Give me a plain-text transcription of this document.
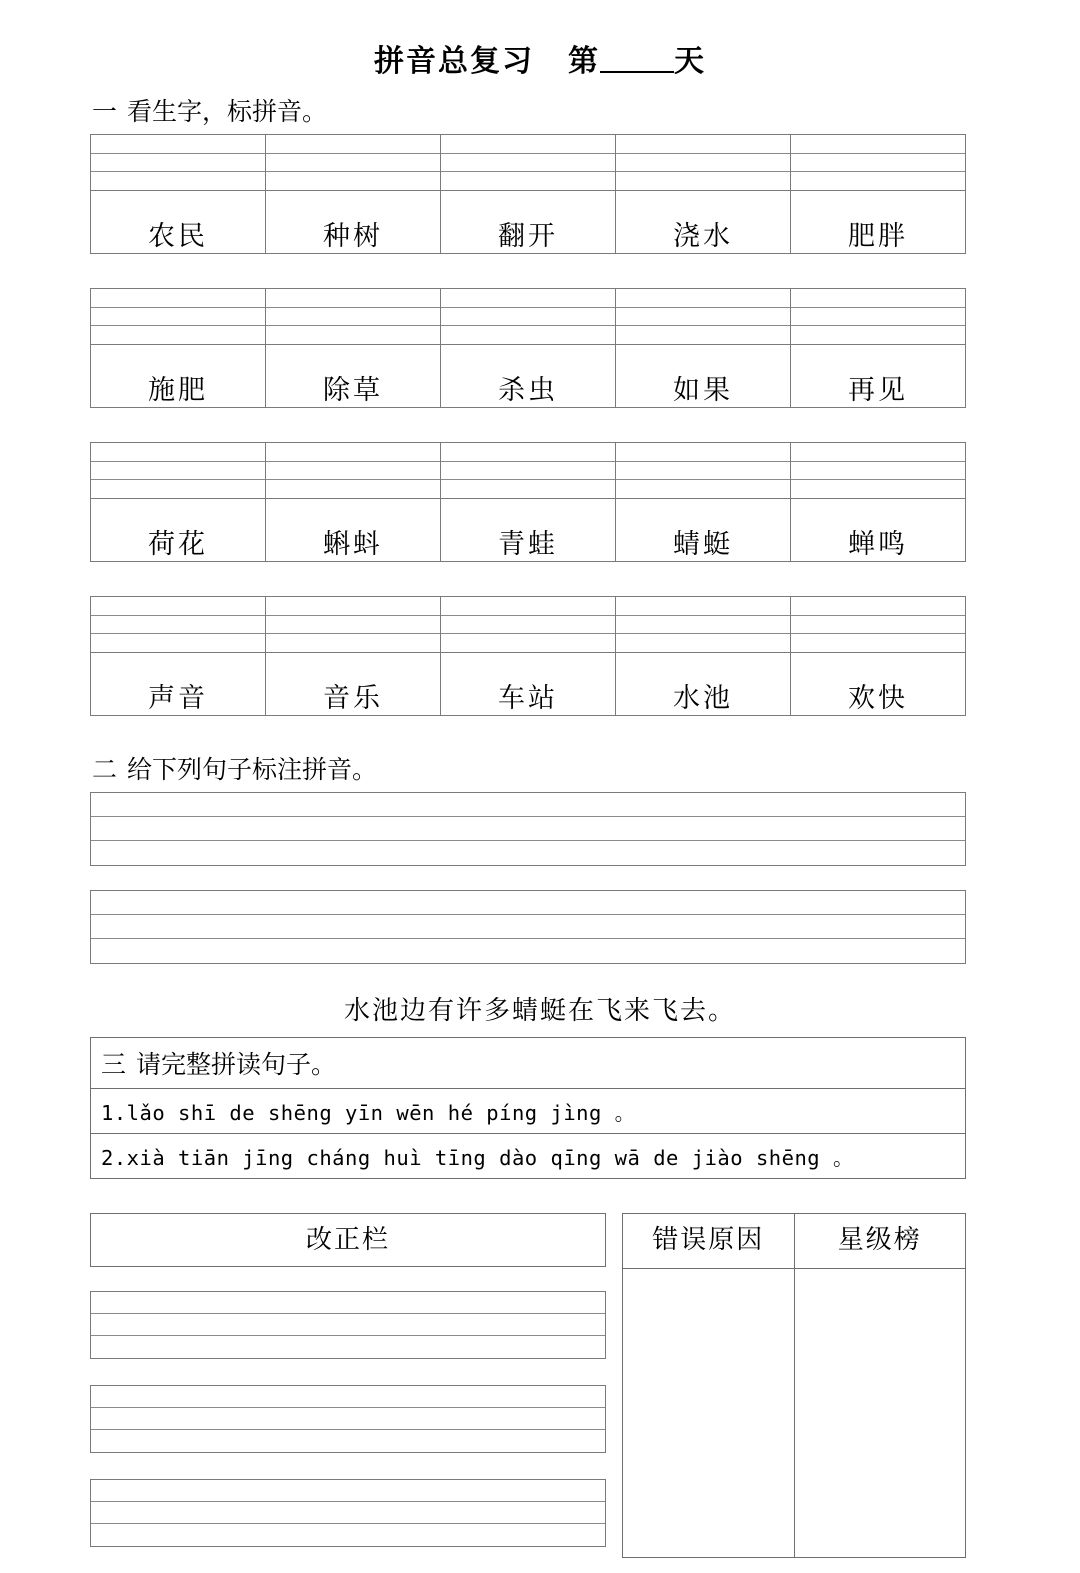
拼音总复习 第 天
一 看生字，标拼音。

农民	种树	翻开	浇水	肥胖

施肥	除草	杀虫	如果	再见

荷花	蝌蚪	青蛙	蜻蜓	蝉鸣

声音	音乐	车站	水池	欢快
二 给下列句子标注拼音。
水池边有许多蜻蜓在飞来飞去。
三 请完整拼读句子。
1.lǎo shī de shēng yīn wēn hé píng jìng 。
2.xià tiān jīng cháng huì tīng dào qīng wā de jiào shēng 。
改正栏	错误原因	星级榜
